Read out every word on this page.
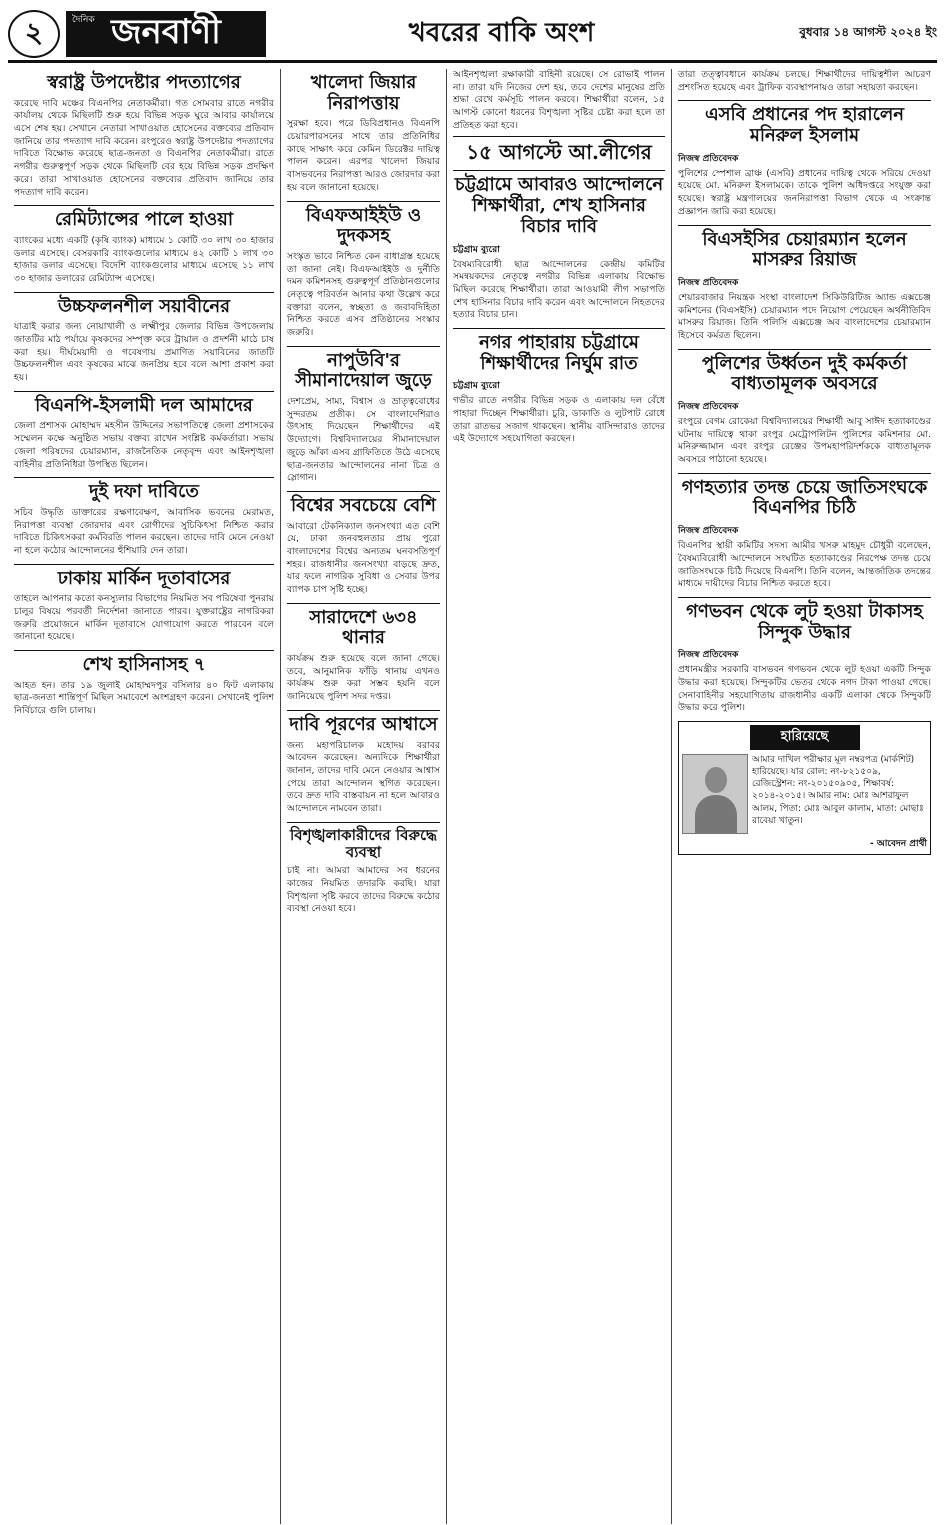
২	দৈনিক জনবাণী	খবরের বাকি অংশ	বুধবার ১৪ আগস্ট ২০২৪ ইং
স্বরাষ্ট্র উপদেষ্টার পদত্যাগের
করেছে দাবি মঞ্চের বিএনপির নেতাকর্মীরা। গত সোমবার রাতে নগরীর কার্যালয় থেকে মিছিলটি শুরু হয়ে বিভিন্ন সড়ক ঘুরে আবার কার্যালয়ে এসে শেষ হয়। সেখানে নেতারা সাখাওয়াত হোসেনের বক্তব্যের প্রতিবাদ জানিয়ে তার পদত্যাগ দাবি করেন। রংপুরেও স্বরাষ্ট্র উপদেষ্টার পদত্যাগের দাবিতে বিক্ষোভ করেছে ছাত্র-জনতা ও বিএনপির নেতাকর্মীরা। রাতে নগরীর গুরুত্বপূর্ণ সড়ক থেকে মিছিলটি বের হয়ে বিভিন্ন সড়ক প্রদক্ষিণ করে। তারা সাখাওয়াত হোসেনের বক্তব্যের প্রতিবাদ জানিয়ে তার পদত্যাগ দাবি করেন।
রেমিট্যান্সের পালে হাওয়া
ব্যাংকের মধ্যে একটি (কৃষি ব্যাংক) মাধ্যমে ১ কোটি ৩০ লাখ ৩০ হাজার ডলার এসেছে। বেসরকারি ব্যাংকগুলোর মাধ্যমে ৪২ কোটি ১ লাখ ৩০ হাজার ডলার এসেছে। বিদেশি ব্যাংকগুলোর মাধ্যমে এসেছে ১১ লাখ ৩০ হাজার ডলারের রেমিট্যান্স এসেছে।
উচ্চফলনশীল সয়াবীনের
যাত্রাই করার জন্য নোয়াখালী ও লক্ষ্মীপুর জেলার বিভিন্ন উপজেলায় জাতটির মাঠ পর্যায়ে কৃষকদের সম্পৃক্ত করে ট্রায়াল ও প্রদর্শনী মাঠে চাষ করা হয়। দীর্ঘমেয়াদী ও গবেষণায় প্রমাণিত সয়াবিনের জাতটি উচ্চফলনশীল এবং কৃষকের মাঝে জনপ্রিয় হবে বলে আশা প্রকাশ করা হয়।
বিএনপি-ইসলামী দল আমাদের
জেলা প্রশাসক মোহাম্মদ মহসীন উদ্দিনের সভাপতিত্বে জেলা প্রশাসকের সম্মেলন কক্ষে অনুষ্ঠিত সভায় বক্তব্য রাখেন সংশ্লিষ্ট কর্মকর্তারা। সভায় জেলা পরিষদের চেয়ারম্যান, রাজনৈতিক নেতৃবৃন্দ এবং আইনশৃঙ্খলা বাহিনীর প্রতিনিধিরা উপস্থিত ছিলেন।
দুই দফা দাবিতে
সচিব উদ্ধৃতি ডাক্তারের রক্ষণাবেক্ষণ, আবাসিক ভবনের মেরামত, নিরাপত্তা ব্যবস্থা জোরদার এবং রোগীদের সুচিকিৎসা নিশ্চিত করার দাবিতে চিকিৎসকরা কর্মবিরতি পালন করছেন। তাদের দাবি মেনে নেওয়া না হলে কঠোর আন্দোলনের হুঁশিয়ারি দেন তারা।
ঢাকায় মার্কিন দূতাবাসের
তাহলে আপনার কতো কনস্যুলার বিভাগের নিয়মিত সব পরিষেবা পুনরায় চালুর বিষয়ে পরবর্তী নির্দেশনা জানাতে পারব। যুক্তরাষ্ট্রের নাগরিকরা জরুরি প্রয়োজনে মার্কিন দূতাবাসে যোগাযোগ করতে পারবেন বলে জানানো হয়েছে।
শেখ হাসিনাসহ ৭
আহত হন। তার ১৯ জুলাই মোহাম্মদপুর বসিলার ৪০ ফিট এলাকায় ছাত্র-জনতা শান্তিপূর্ণ মিছিল সমাবেশে অংশগ্রহণ করেন। সেখানেই পুলিশ নির্বিচারে গুলি চালায়।
খালেদা জিয়ার নিরাপত্তায়
সুরক্ষা হবে। পরে ডিবিপ্রধানও বিএনপি চেয়ারপারসনের সাথে তার প্রতিনিধির কাছে সাক্ষাৎ করে কেমিন ডিরেক্টর দায়িত্ব পালন করেন। এরপর খালেদা জিয়ার বাসভবনের নিরাপত্তা আরও জোরদার করা হয় বলে জানানো হয়েছে।
বিএফআইইউ ও দুদকসহ
সংস্কৃত ভাবে নিশ্চিত কেন বাধাগ্রস্ত হয়েছে তা জানা নেই। বিএফআইইউ ও দুর্নীতি দমন কমিশনসহ গুরুত্বপূর্ণ প্রতিষ্ঠানগুলোর নেতৃত্বে পরিবর্তন আনার কথা উল্লেখ করে বক্তারা বলেন, স্বচ্ছতা ও জবাবদিহিতা নিশ্চিত করতে এসব প্রতিষ্ঠানের সংস্কার জরুরি।
নাপুউবি'র সীমানাদেয়াল জুড়ে
দেশপ্রেম, সাম্য, বিশ্বাস ও ভ্রাতৃত্ববোধের সুন্দরতম প্রতীক। সে বাংলাদেশিরাও উৎসাহ দিয়েছেন শিক্ষার্থীদের এই উদ্যোগে। বিশ্ববিদ্যালয়ের সীমানাদেয়াল জুড়ে আঁকা এসব গ্রাফিতিতে উঠে এসেছে ছাত্র-জনতার আন্দোলনের নানা চিত্র ও স্লোগান।
বিশ্বের সবচেয়ে বেশি
আবারো টেকনিক্যাল জনসংখ্যা এত বেশি যে, ঢাকা জনবহুলতার প্রায় পুরো বাংলাদেশের বিশ্বের অন্যতম ঘনবসতিপূর্ণ শহর। রাজধানীর জনসংখ্যা বাড়ছে দ্রুত, যার ফলে নাগরিক সুবিধা ও সেবার উপর ব্যাপক চাপ সৃষ্টি হচ্ছে।
সারাদেশে ৬৩৪ থানার
কার্যক্রম শুরু হয়েছে বলে জানা গেছে। তবে, আনুমানিক ফাঁড়ি থানায় এখনও কার্যক্রম শুরু করা সম্ভব হয়নি বলে জানিয়েছে পুলিশ সদর দপ্তর।
দাবি পূরণের আশ্বাসে
জন্য মহাপরিচালক মহোদয় বরাবর আবেদন করেছেন। অন্যদিকে শিক্ষার্থীরা জানান, তাদের দাবি মেনে নেওয়ার আশ্বাস পেয়ে তারা আন্দোলন স্থগিত করেছেন। তবে দ্রুত দাবি বাস্তবায়ন না হলে আবারও আন্দোলনে নামবেন তারা।
বিশৃঙ্খলাকারীদের বিরুদ্ধে ব্যবস্থা
চাই না। আমরা আমাদের সব ধরনের কাজের নিয়মিত তদারকি করছি। যারা বিশৃঙ্খলা সৃষ্টি করবে তাদের বিরুদ্ধে কঠোর ব্যবস্থা নেওয়া হবে।
আইনশৃঙ্খলা রক্ষাকারী বাহিনী রয়েছে। সে রোভাই পালন না। তারা যদি নিজের দেশ হয়, তবে দেশের মানুষের প্রতি শ্রদ্ধা রেখে কর্মসূচি পালন করবে। শিক্ষার্থীরা বলেন, ১৫ আগস্ট কোনো ধরনের বিশৃঙ্খলা সৃষ্টির চেষ্টা করা হলে তা প্রতিহত করা হবে।
১৫ আগস্টে আ.লীগের
চট্টগ্রামে আবারও আন্দোলনে শিক্ষার্থীরা, শেখ হাসিনার বিচার দাবি
চট্টগ্রাম ব্যুরো
বৈষম্যবিরোধী ছাত্র আন্দোলনের কেন্দ্রীয় কমিটির সমন্বয়কদের নেতৃত্বে নগরীর বিভিন্ন এলাকায় বিক্ষোভ মিছিল করেছে শিক্ষার্থীরা। তারা আওয়ামী লীগ সভাপতি শেখ হাসিনার বিচার দাবি করেন এবং আন্দোলনে নিহতদের হত্যার বিচার চান।
নগর পাহারায় চট্টগ্রামে শিক্ষার্থীদের নির্ঘুম রাত
চট্টগ্রাম ব্যুরো
গভীর রাতে নগরীর বিভিন্ন সড়ক ও এলাকায় দল বেঁধে পাহারা দিচ্ছেন শিক্ষার্থীরা। চুরি, ডাকাতি ও লুটপাট রোধে তারা রাতভর সজাগ থাকছেন। স্থানীয় বাসিন্দারাও তাদের এই উদ্যোগে সহযোগিতা করছেন।
তারা তত্ত্বাবধানে কার্যক্রম চলছে। শিক্ষার্থীদের দায়িত্বশীল আচরণ প্রশংসিত হয়েছে এবং ট্রাফিক ব্যবস্থাপনায়ও তারা সহায়তা করছেন।
এসবি প্রধানের পদ হারালেন মনিরুল ইসলাম
নিজস্ব প্রতিবেদক
পুলিশের স্পেশাল ব্রাঞ্চ (এসবি) প্রধানের দায়িত্ব থেকে সরিয়ে দেওয়া হয়েছে মো. মনিরুল ইসলামকে। তাকে পুলিশ অধিদপ্তরে সংযুক্ত করা হয়েছে। স্বরাষ্ট্র মন্ত্রণালয়ের জননিরাপত্তা বিভাগ থেকে এ সংক্রান্ত প্রজ্ঞাপন জারি করা হয়েছে।
বিএসইসির চেয়ারম্যান হলেন মাসরুর রিয়াজ
নিজস্ব প্রতিবেদক
শেয়ারবাজার নিয়ন্ত্রক সংস্থা বাংলাদেশ সিকিউরিটিজ অ্যান্ড এক্সচেঞ্জ কমিশনের (বিএসইসি) চেয়ারম্যান পদে নিয়োগ পেয়েছেন অর্থনীতিবিদ মাসরুর রিয়াজ। তিনি পলিসি এক্সচেঞ্জ অব বাংলাদেশের চেয়ারম্যান হিসেবে কর্মরত ছিলেন।
পুলিশের উর্ধ্বতন দুই কর্মকর্তা বাধ্যতামূলক অবসরে
নিজস্ব প্রতিবেদক
রংপুরে বেগম রোকেয়া বিশ্ববিদ্যালয়ের শিক্ষার্থী আবু সাঈদ হত্যাকাণ্ডের ঘটনায় দায়িত্বে থাকা রংপুর মেট্রোপলিটন পুলিশের কমিশনার মো. মনিরুজ্জামান এবং রংপুর রেঞ্জের উপমহাপরিদর্শককে বাধ্যতামূলক অবসরে পাঠানো হয়েছে।
গণহত্যার তদন্ত চেয়ে জাতিসংঘকে বিএনপির চিঠি
নিজস্ব প্রতিবেদক
বিএনপির স্থায়ী কমিটির সদস্য আমীর খসরু মাহমুদ চৌধুরী বলেছেন, বৈষম্যবিরোধী আন্দোলনে সংঘটিত হত্যাকাণ্ডের নিরপেক্ষ তদন্ত চেয়ে জাতিসংঘকে চিঠি দিয়েছে বিএনপি। তিনি বলেন, আন্তর্জাতিক তদন্তের মাধ্যমে দায়ীদের বিচার নিশ্চিত করতে হবে।
গণভবন থেকে লুট হওয়া টাকাসহ সিন্দুক উদ্ধার
নিজস্ব প্রতিবেদক
প্রধানমন্ত্রীর সরকারি বাসভবন গণভবন থেকে লুট হওয়া একটি সিন্দুক উদ্ধার করা হয়েছে। সিন্দুকটির ভেতর থেকে নগদ টাকা পাওয়া গেছে। সেনাবাহিনীর সহযোগিতায় রাজধানীর একটি এলাকা থেকে সিন্দুকটি উদ্ধার করে পুলিশ।
হারিয়েছে
আমার দাখিল পরীক্ষার মূল নম্বরপত্র (মার্কশিট) হারিয়েছে। যার রোল: নং-৮২১৫০৯, রেজিস্ট্রেশন: নং-২০১৫০৯০৫, শিক্ষাবর্ষ: ২০১৪-২০১৫। আমার নাম: মোঃ আশরাফুল আলম, পিতা: মোঃ আবুল কালাম, মাতা: মোছাঃ রাবেয়া খাতুন।
- আবেদন প্রার্থী
